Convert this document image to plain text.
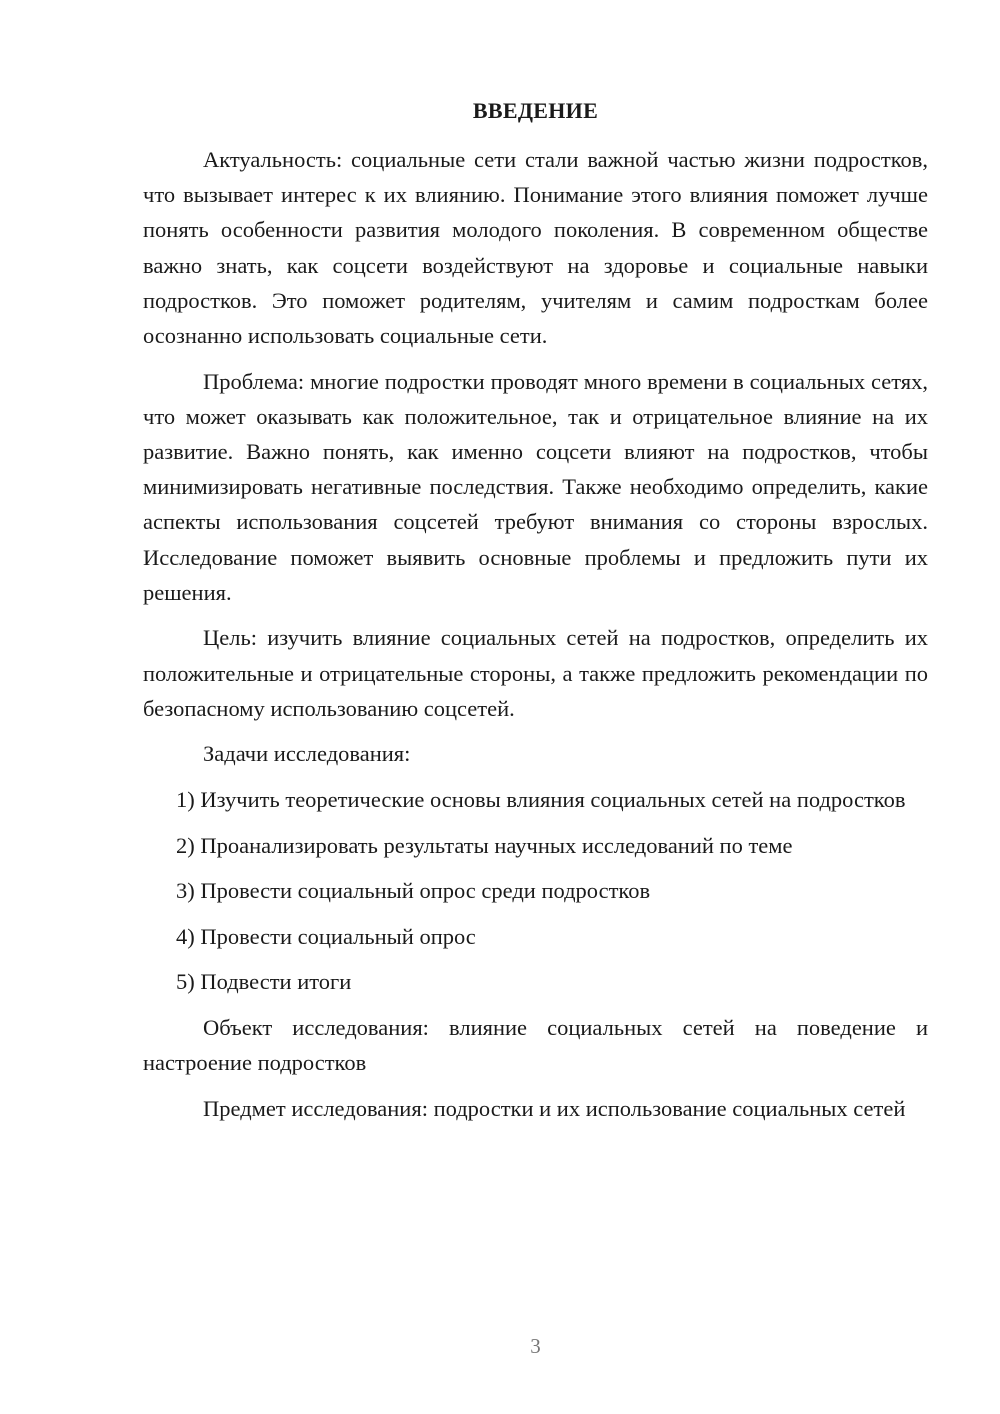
ВВЕДЕНИЕ

Актуальность: социальные сети стали важной частью жизни подростков, что вызывает интерес к их влиянию. Понимание этого влияния поможет лучше понять особенности развития молодого поколения. В современном обществе важно знать, как соцсети воздействуют на здоровье и социальные навыки подростков. Это поможет родителям, учителям и самим подросткам более осознанно использовать социальные сети.

Проблема: многие подростки проводят много времени в социальных сетях, что может оказывать как положительное, так и отрицательное влияние на их развитие. Важно понять, как именно соцсети влияют на подростков, чтобы минимизировать негативные последствия. Также необходимо определить, какие аспекты использования соцсетей требуют внимания со стороны взрослых. Исследование поможет выявить основные проблемы и предложить пути их решения.

Цель: изучить влияние социальных сетей на подростков, определить их положительные и отрицательные стороны, а также предложить рекомендации по безопасному использованию соцсетей.

Задачи исследования:

1) Изучить теоретические основы влияния социальных сетей на подростков

2) Проанализировать результаты научных исследований по теме

3) Провести социальный опрос среди подростков

4) Провести социальный опрос

5) Подвести итоги

Объект исследования: влияние социальных сетей на поведение и настроение подростков

Предмет исследования: подростки и их использование социальных сетей

3
